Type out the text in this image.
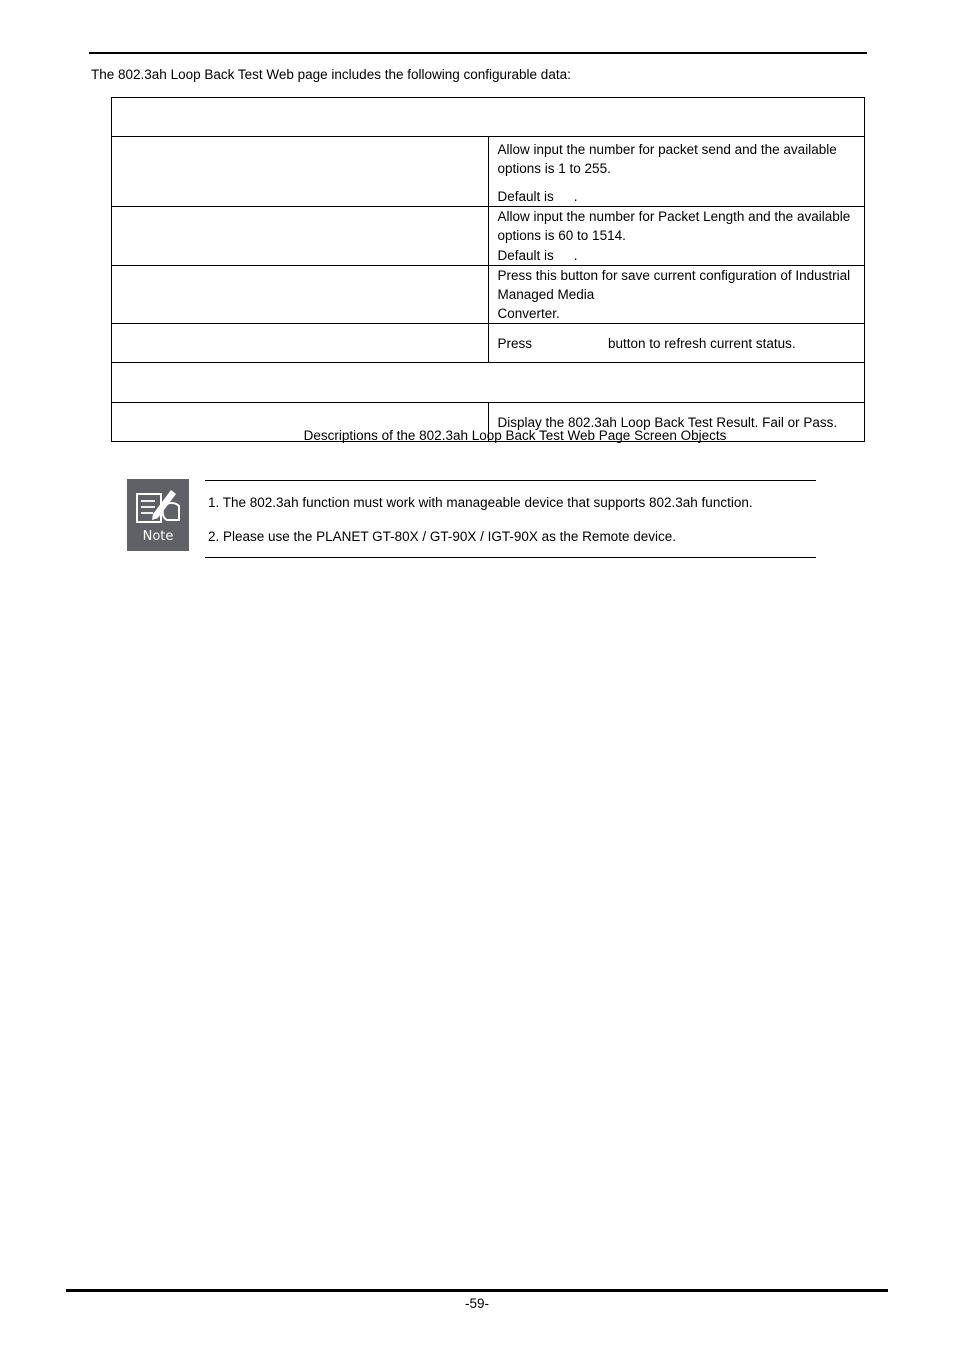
The 802.3ah Loop Back Test Web page includes the following configurable data:

	Allow input the number for packet send and the available options is 1 to 255.
Default is .

	Allow input the number for Packet Length and the available options is 60 to 1514.
Default is .

	Press this button for save current configuration of Industrial Managed Media
Converter.

	Press button to refresh current status.

	Display the 802.3ah Loop Back Test Result. Fail or Pass.
Descriptions of the 802.3ah Loop Back Test Web Page Screen Objects
Note
1. The 802.3ah function must work with manageable device that supports 802.3ah function.
2. Please use the PLANET GT-80X / GT-90X / IGT-90X as the Remote device.
-59-
